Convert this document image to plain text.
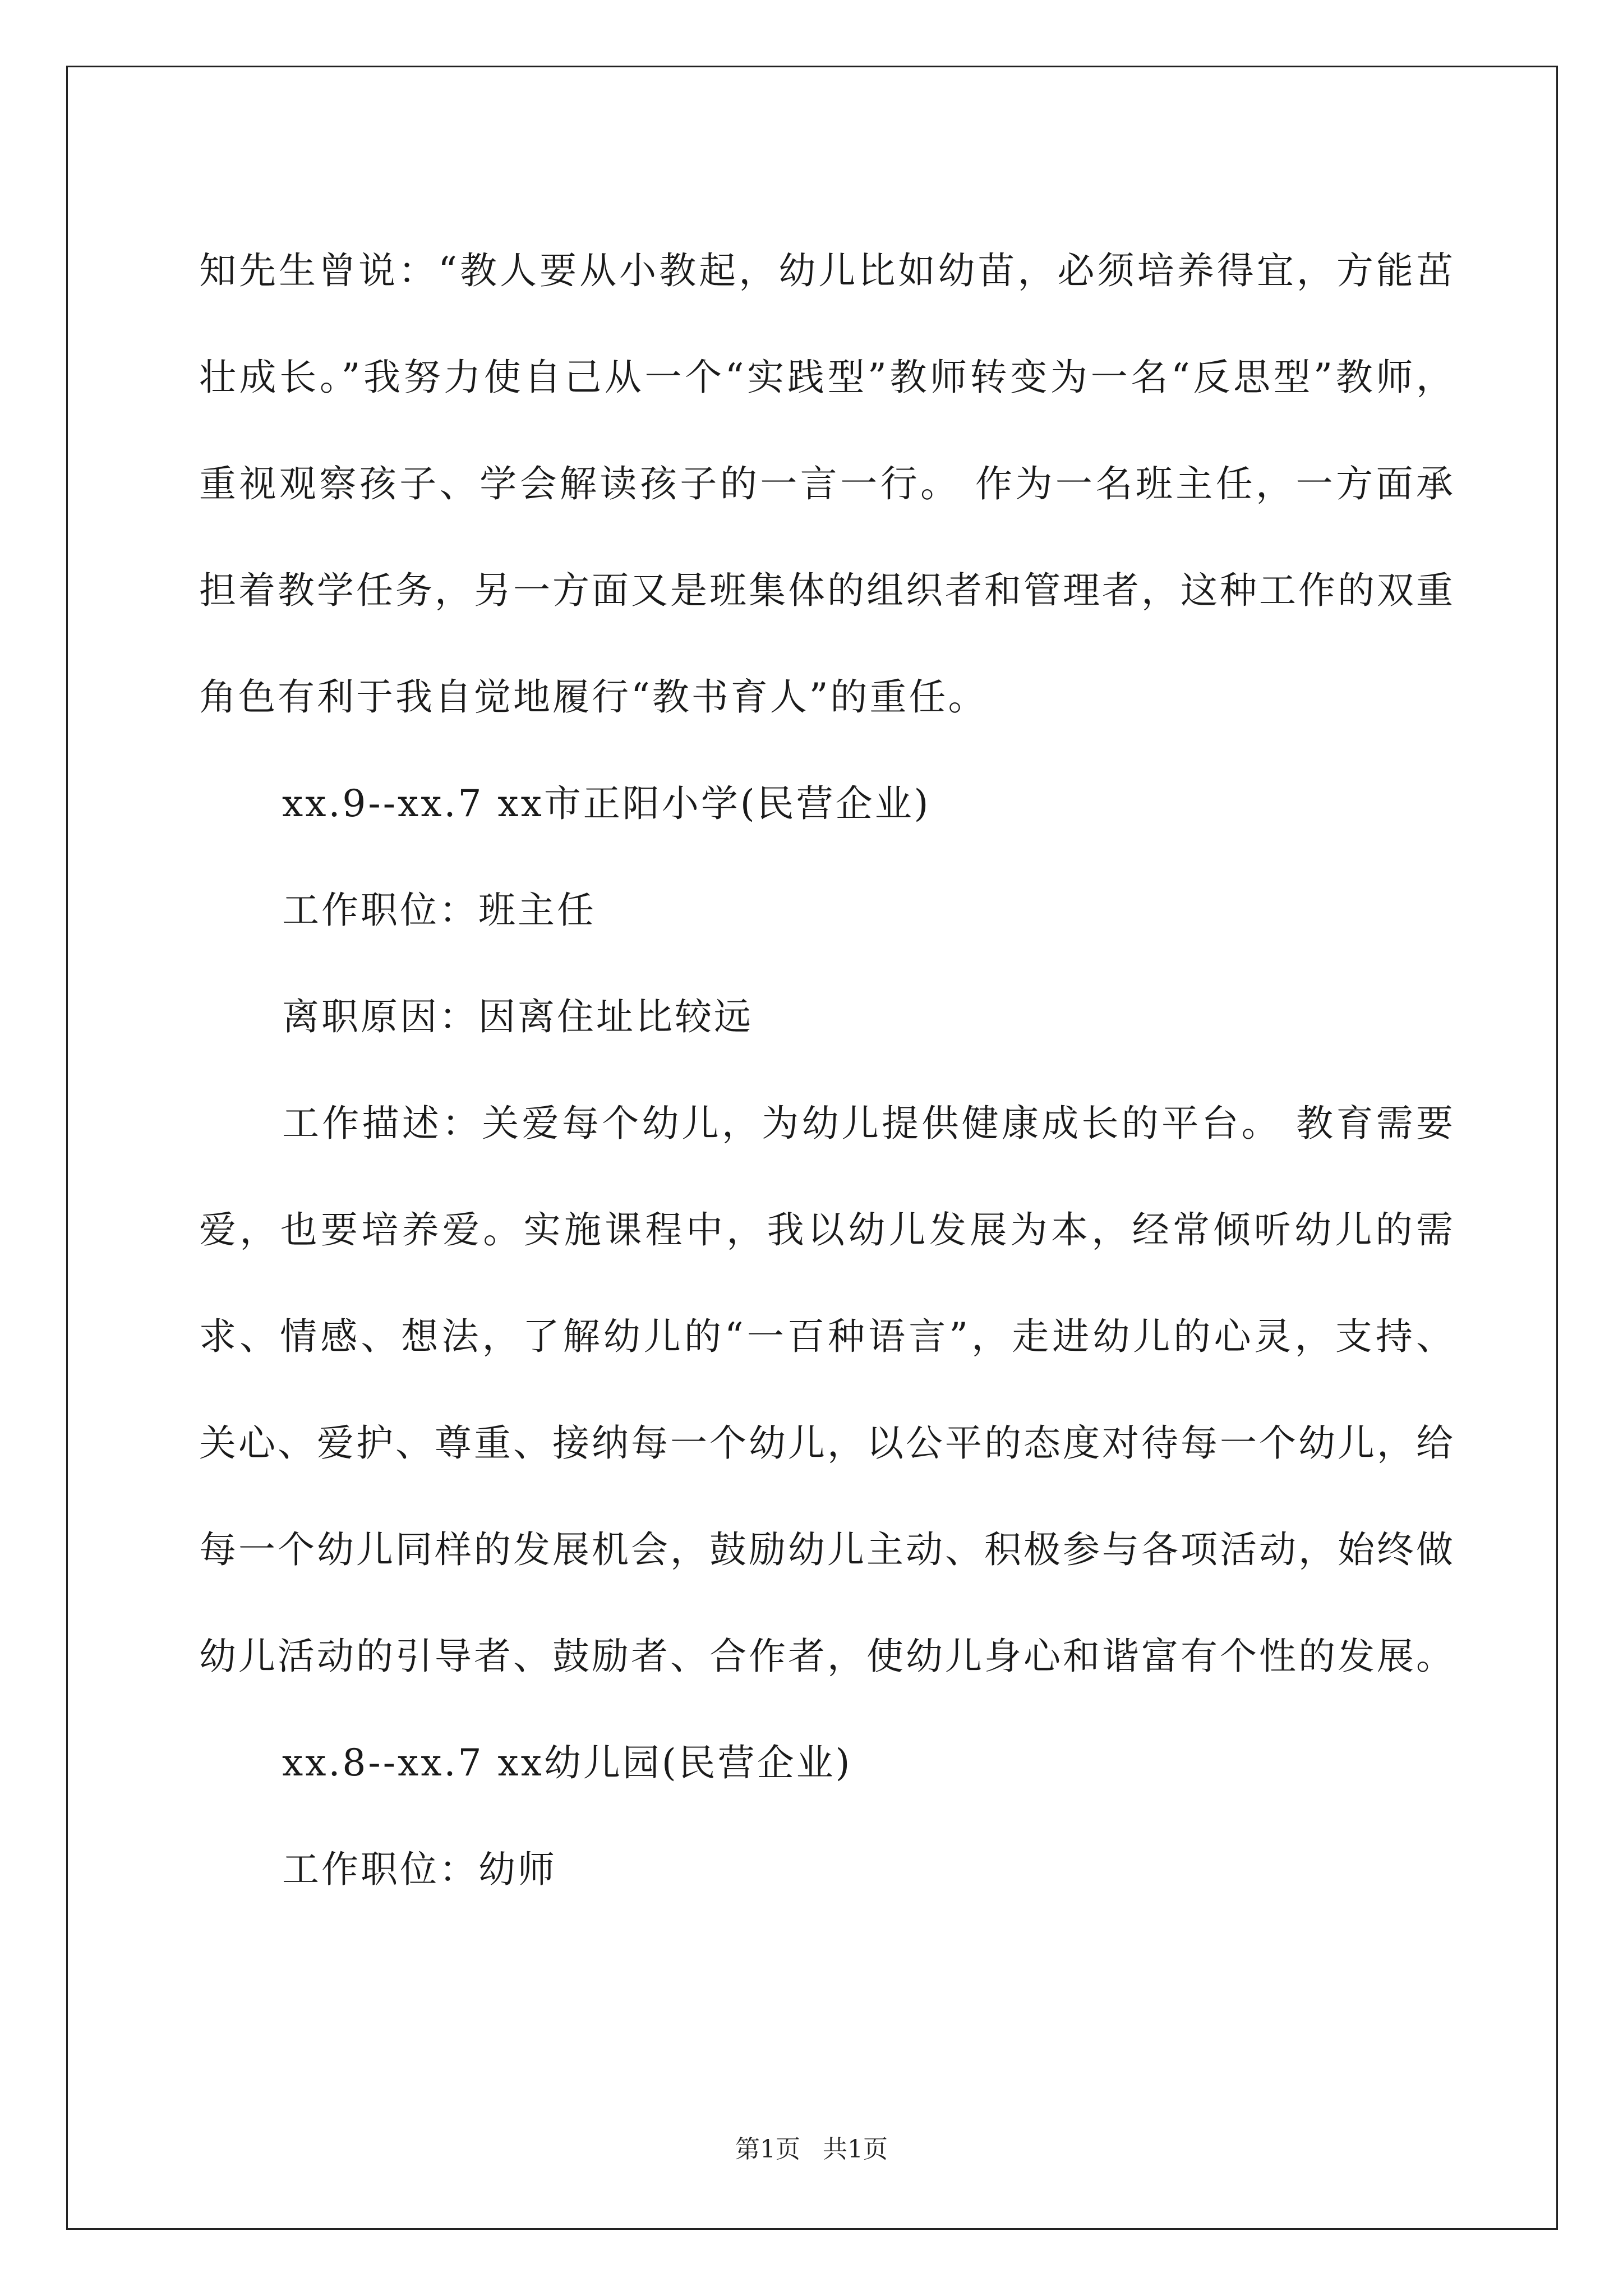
知先生曾说：“教人要从小教起，幼儿比如幼苗，必须培养得宜，方能茁壮成长。”我努力使自己从一个“实践型”教师转变为一名“反思型”教师，重视观察孩子、学会解读孩子的一言一行。 作为一名班主任，一方面承担着教学任务，另一方面又是班集体的组织者和管理者，这种工作的双重角色有利于我自觉地履行“教书育人”的重任。

xx.9--xx.7 xx市正阳小学(民营企业)

工作职位：班主任

离职原因：因离住址比较远

工作描述：关爱每个幼儿，为幼儿提供健康成长的平台。 教育需要爱，也要培养爱。实施课程中，我以幼儿发展为本，经常倾听幼儿的需求、情感、想法，了解幼儿的“一百种语言”，走进幼儿的心灵，支持、关心、爱护、尊重、接纳每一个幼儿，以公平的态度对待每一个幼儿，给每一个幼儿同样的发展机会，鼓励幼儿主动、积极参与各项活动，始终做幼儿活动的引导者、鼓励者、合作者，使幼儿身心和谐富有个性的发展。

xx.8--xx.7 xx幼儿园(民营企业)

工作职位：幼师

第1页 共1页
